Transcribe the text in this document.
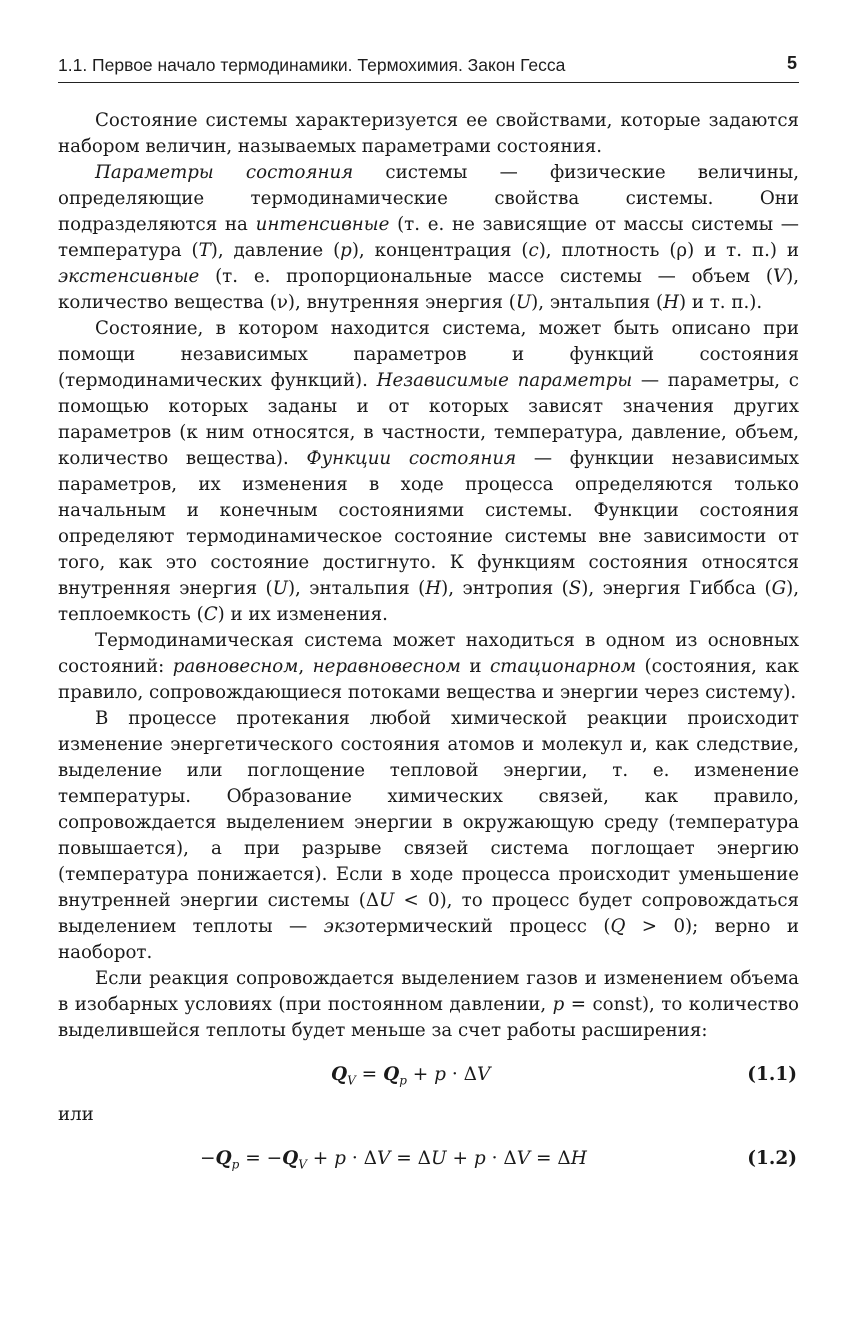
1.1. Первое начало термодинамики. Термохимия. Закон Гесса	5

Состояние системы характеризуется ее свойствами, которые задаются набором величин, называемых параметрами состояния.

Параметры состояния системы — физические величины, определяющие термодинамические свойства системы. Они подразделяются на интенсивные (т. е. не зависящие от массы системы — температура (T), давление (p), концентрация (c), плотность (ρ) и т. п.) и экстенсивные (т. е. пропорциональные массе системы — объем (V), количество вещества (ν), внутренняя энергия (U), энтальпия (H) и т. п.).

Состояние, в котором находится система, может быть описано при помощи независимых параметров и функций состояния (термодинамических функций). Независимые параметры — параметры, с помощью которых заданы и от которых зависят значения других параметров (к ним относятся, в частности, температура, давление, объем, количество вещества). Функции состояния — функции независимых параметров, их изменения в ходе процесса определяются только начальным и конечным состояниями системы. Функции состояния определяют термодинамическое состояние системы вне зависимости от того, как это состояние достигнуто. К функциям состояния относятся внутренняя энергия (U), энтальпия (H), энтропия (S), энергия Гиббса (G), теплоемкость (C) и их изменения.

Термодинамическая система может находиться в одном из основных состояний: равновесном, неравновесном и стационарном (состояния, как правило, сопровождающиеся потоками вещества и энергии через систему).

В процессе протекания любой химической реакции происходит изменение энергетического состояния атомов и молекул и, как следствие, выделение или поглощение тепловой энергии, т. е. изменение температуры. Образование химических связей, как правило, сопровождается выделением энергии в окружающую среду (температура повышается), а при разрыве связей система поглощает энергию (температура понижается). Если в ходе процесса происходит уменьшение внутренней энергии системы (ΔU < 0), то процесс будет сопровождаться выделением теплоты — экзотермический процесс (Q > 0); верно и наоборот.

Если реакция сопровождается выделением газов и изменением объема в изобарных условиях (при постоянном давлении, p = const), то количество выделившейся теплоты будет меньше за счет работы расширения:

$Q_V = Q_p + p \cdot \Delta V$	(1.1)

или

$-Q_p = -Q_V + p \cdot \Delta V = \Delta U + p \cdot \Delta V = \Delta H$	(1.2)
